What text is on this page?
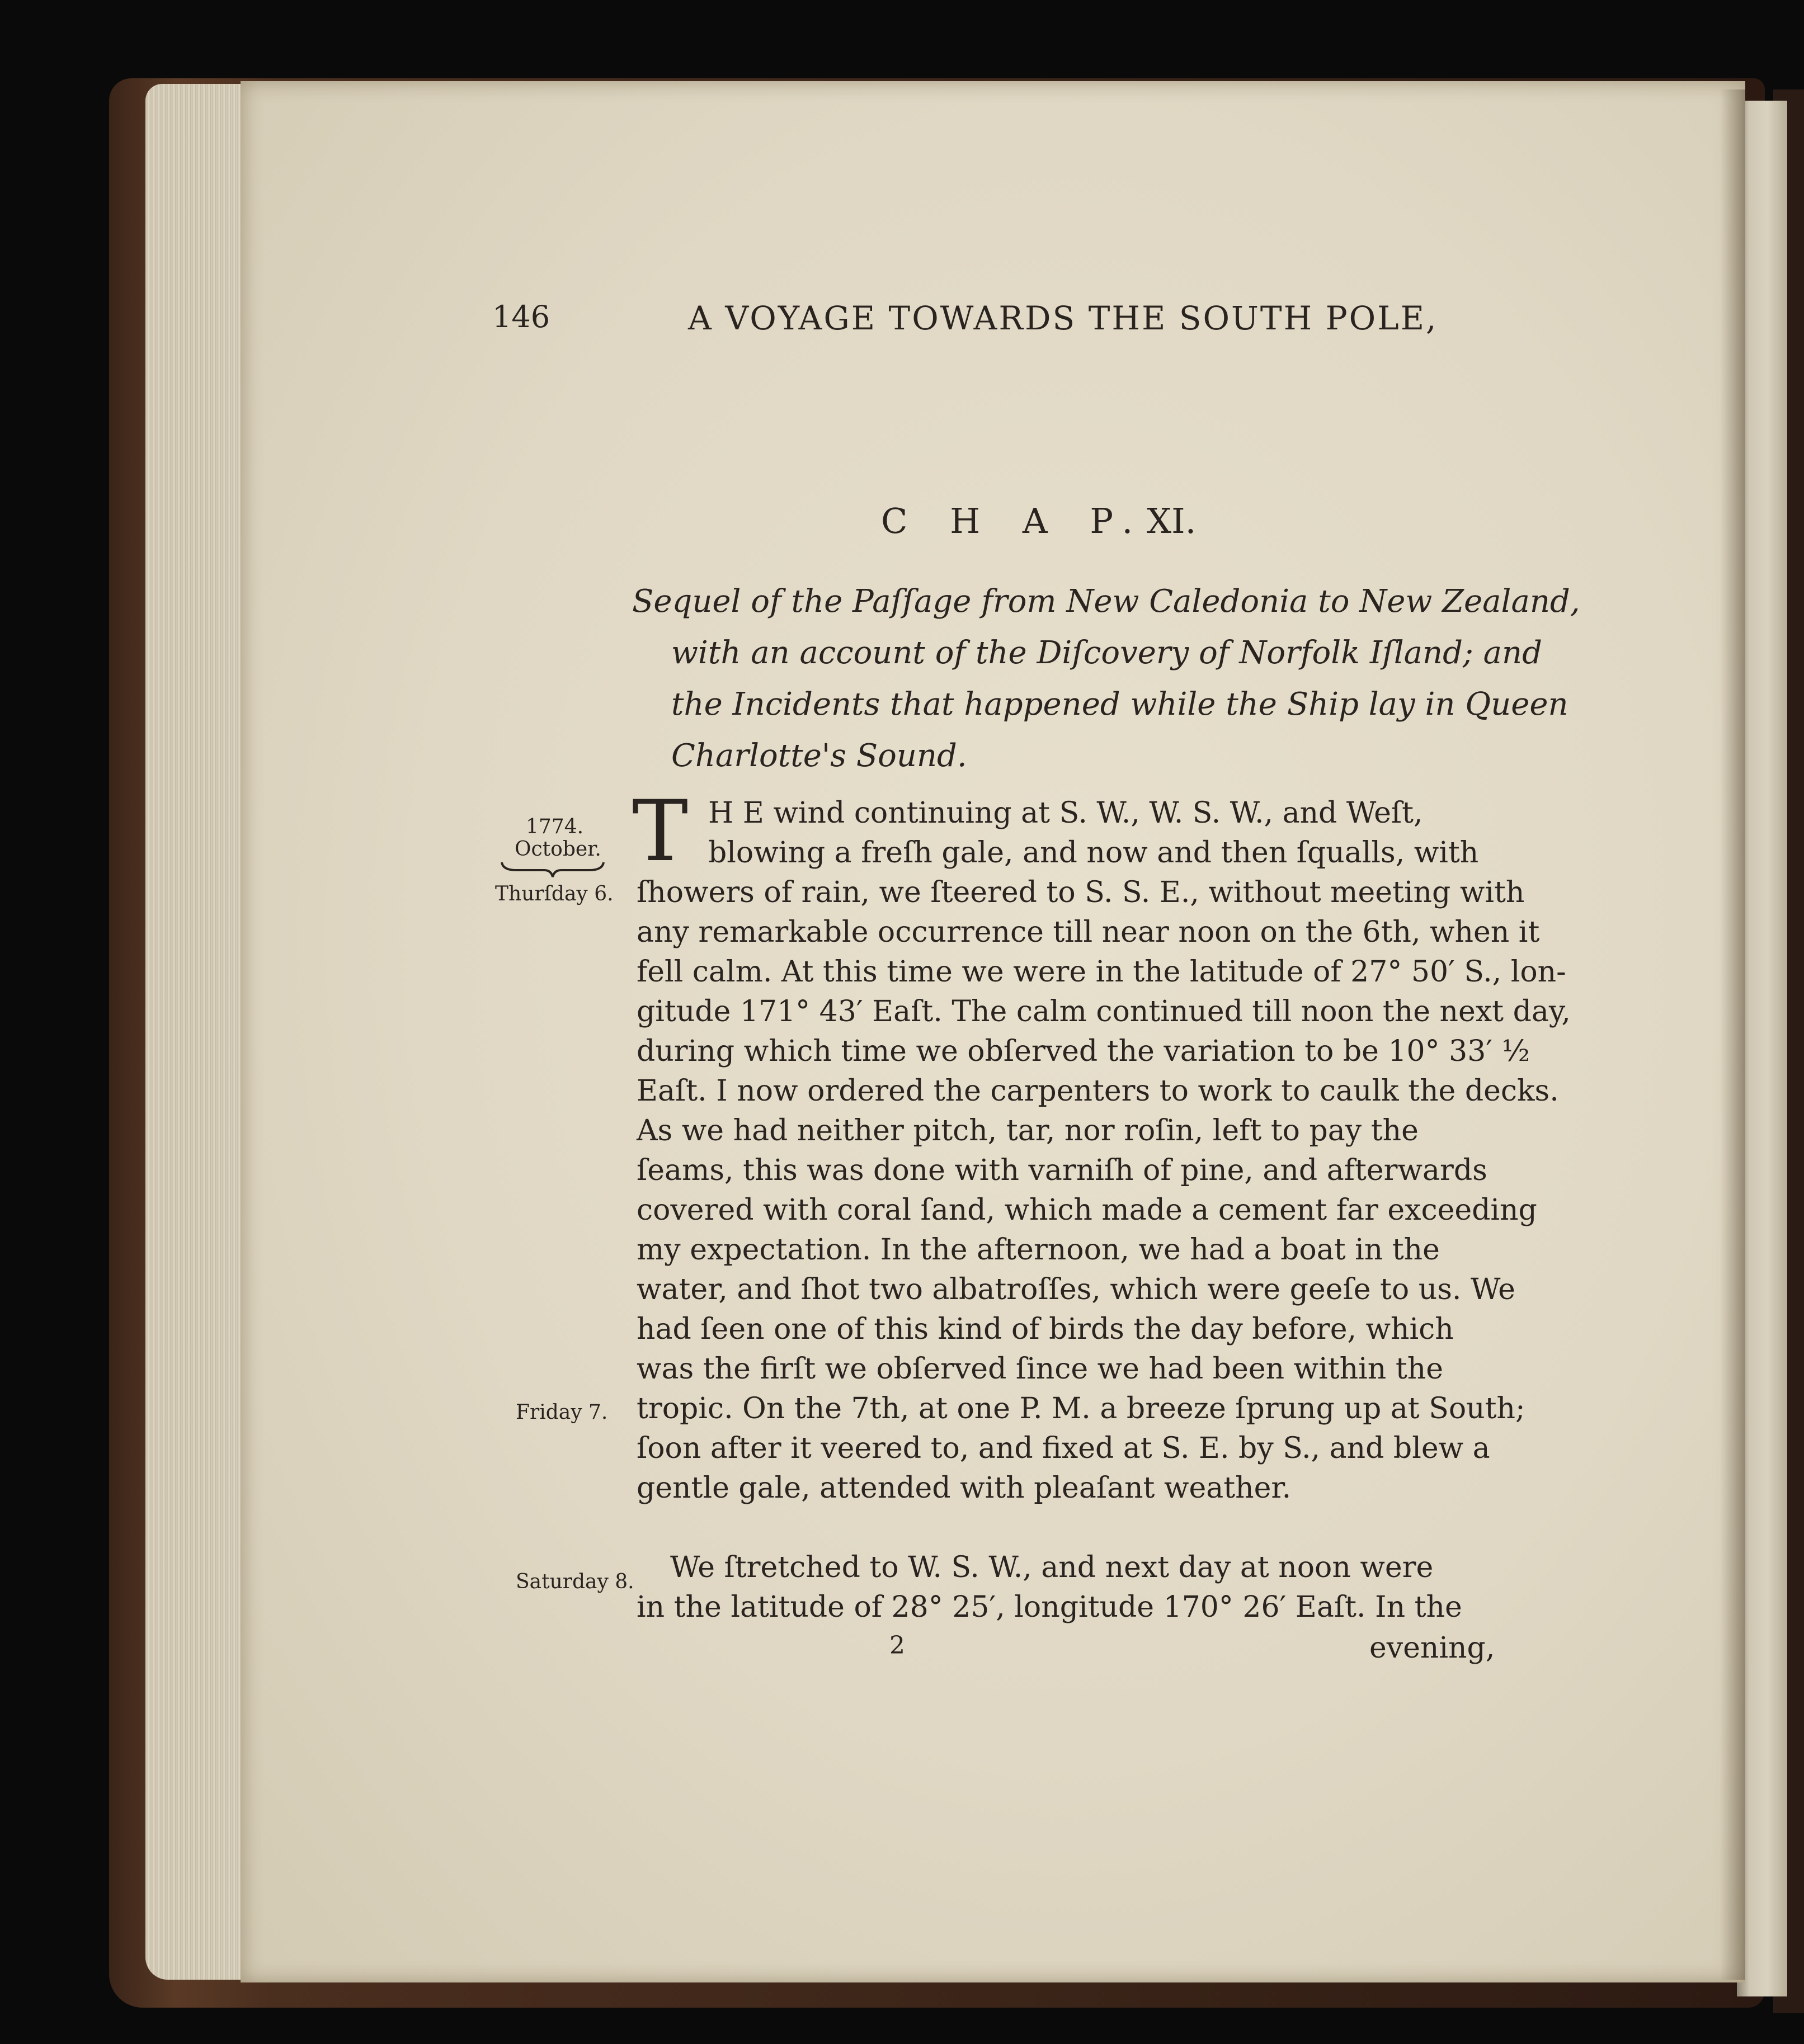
146	A VOYAGE TOWARDS THE SOUTH POLE,
C H A P.
XI.
Sequel of the Paſſage from New Caledonia to New Zealand,
with an account of the Diſcovery of Norfolk Iſland; and
the Incidents that happened while the Ship lay in Queen
Charlotte's Sound.
1774.
October.
Thurſday 6.
Friday 7.
Saturday 8.
T H E wind continuing at S. W., W. S. W., and Weſt,
blowing a freſh gale, and now and then ſqualls, with
ſhowers of rain, we ſteered to S. S. E., without meeting with
any remarkable occurrence till near noon on the 6th, when it
fell calm. At this time we were in the latitude of 27° 50′ S., lon-
gitude 171° 43′ Eaſt. The calm continued till noon the next day,
during which time we obſerved the variation to be 10° 33′ ½
Eaſt. I now ordered the carpenters to work to caulk the decks.
As we had neither pitch, tar, nor roſin, left to pay the
ſeams, this was done with varniſh of pine, and afterwards
covered with coral ſand, which made a cement far exceeding
my expectation. In the afternoon, we had a boat in the
water, and ſhot two albatroſſes, which were geeſe to us. We
had ſeen one of this kind of birds the day before, which
was the firſt we obſerved ſince we had been within the
tropic. On the 7th, at one P. M. a breeze ſprung up at South;
ſoon after it veered to, and fixed at S. E. by S., and blew a
gentle gale, attended with pleaſant weather.
We ſtretched to W. S. W., and next day at noon were
in the latitude of 28° 25′, longitude 170° 26′ Eaſt. In the
2	evening,
